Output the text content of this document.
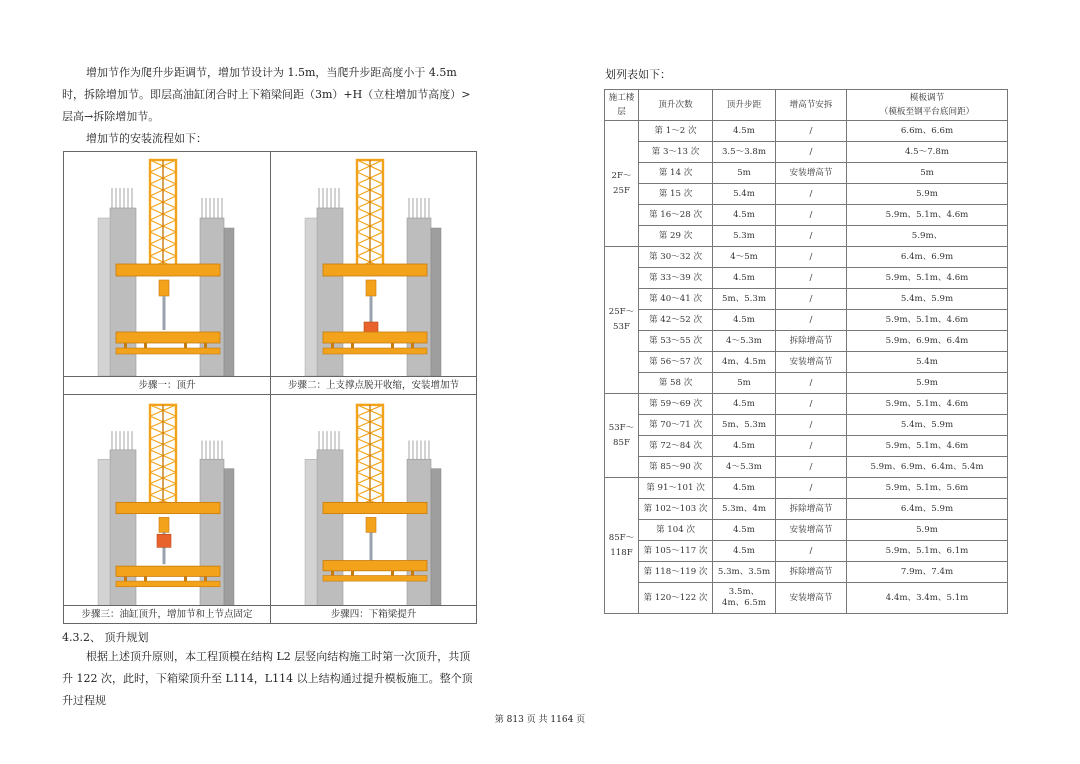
增加节作为爬升步距调节，增加节设计为 1.5m，当爬升步距高度小于 4.5m 时，拆除增加节。即层高油缸闭合时上下箱梁间距（3m）+H（立柱增加节高度）>层高→拆除增加节。

增加节的安装流程如下：

步骤一：顶升	步骤二：上支撑点脱开收缩，安装增加节
步骤三：油缸顶升，增加节和上节点固定	步骤四：下箱梁提升
4.3.2、 顶升规划

根据上述顶升原则，本工程顶模在结构 L2 层竖向结构施工时第一次顶升，共顶升 122 次，此时，下箱梁顶升至 L114，L114 以上结构通过提升模板施工。整个顶升过程规

划列表如下：
施工楼层	顶升次数	顶升步距	增高节安拆	模板调节
（模板至钢平台底间距）

2F～25F	第 1～2 次	4.5m	/	6.6m、6.6m
	第 3～13 次	3.5～3.8m	/	4.5～7.8m
	第 14 次	5m	安装增高节	5m
	第 15 次	5.4m	/	5.9m
	第 16～28 次	4.5m	/	5.9m、5.1m、4.6m
	第 29 次	5.3m	/	5.9m、
25F～53F	第 30～32 次	4～5m	/	6.4m、6.9m
	第 33～39 次	4.5m	/	5.9m、5.1m、4.6m
	第 40～41 次	5m、5.3m	/	5.4m、5.9m
	第 42～52 次	4.5m	/	5.9m、5.1m、4.6m
	第 53～55 次	4～5.3m	拆除增高节	5.9m、6.9m、6.4m
	第 56～57 次	4m、4.5m	安装增高节	5.4m
	第 58 次	5m	/	5.9m
53F～85F	第 59～69 次	4.5m	/	5.9m、5.1m、4.6m
	第 70～71 次	5m、5.3m	/	5.4m、5.9m
	第 72～84 次	4.5m	/	5.9m、5.1m、4.6m
	第 85～90 次	4～5.3m	/	5.9m、6.9m、6.4m、5.4m
85F～118F	第 91～101 次	4.5m	/	5.9m、5.1m、5.6m
	第 102～103 次	5.3m、4m	拆除增高节	6.4m、5.9m
	第 104 次	4.5m	安装增高节	5.9m
	第 105～117 次	4.5m	/	5.9m、5.1m、6.1m
	第 118～119 次	5.3m、3.5m	拆除增高节	7.9m、7.4m
	第 120～122 次	3.5m、4m、6.5m	安装增高节	4.4m、3.4m、5.1m
第 813 页 共 1164 页
